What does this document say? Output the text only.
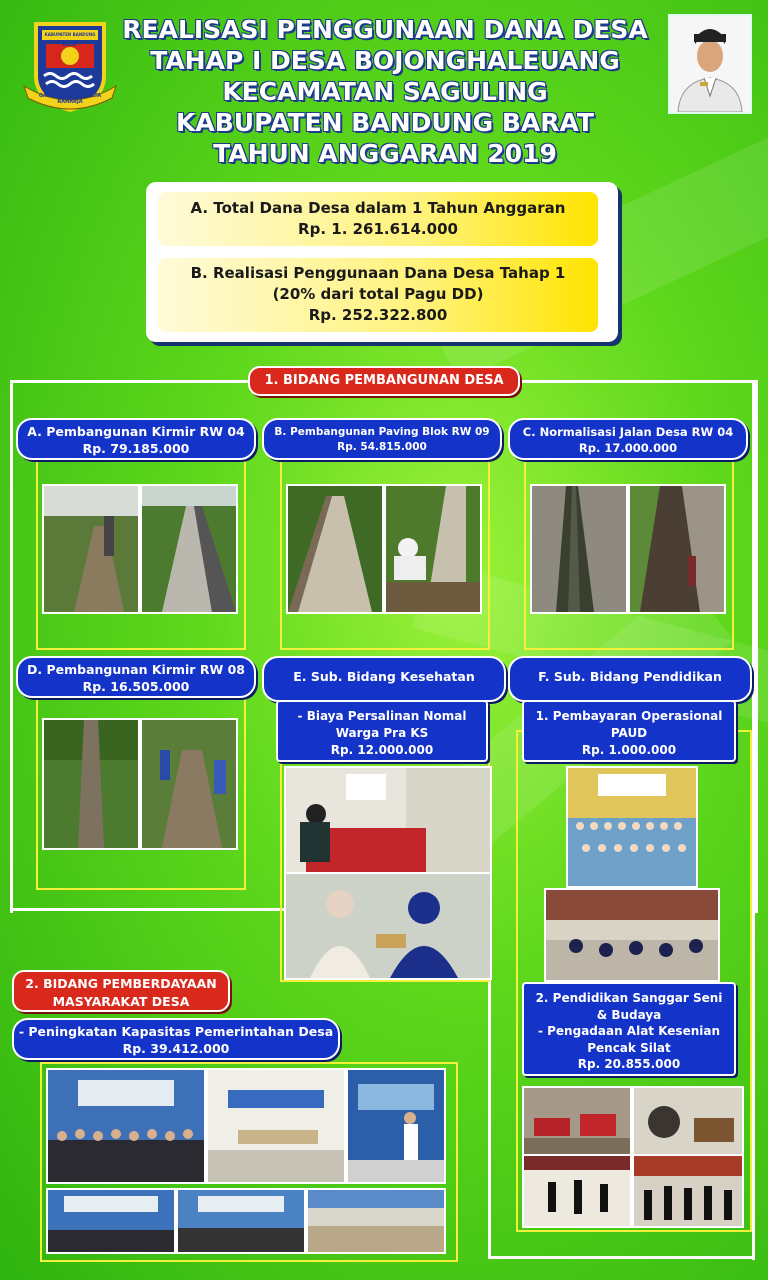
KABUPATEN BANDUNG BARAT
GAWIRA MUKTI KERTA RAHARJA
REALISASI PENGGUNAAN DANA DESA
TAHAP I DESA BOJONGHALEUANG
KECAMATAN SAGULING
KABUPATEN BANDUNG BARAT
TAHUN ANGGARAN 2019
A. Total Dana Desa dalam 1 Tahun Anggaran
Rp. 1. 261.614.000
B. Realisasi Penggunaan Dana Desa Tahap 1
(20% dari total Pagu DD)
Rp. 252.322.800
1. BIDANG PEMBANGUNAN DESA
A. Pembangunan Kirmir RW 04
Rp. 79.185.000
B. Pembangunan Paving Blok RW 09
Rp. 54.815.000
C. Normalisasi Jalan Desa RW 04
Rp. 17.000.000
D. Pembangunan Kirmir RW 08
Rp. 16.505.000
E. Sub. Bidang Kesehatan	F. Sub. Bidang Pendidikan
- Biaya Persalinan Nomal
Warga Pra KS
Rp. 12.000.000
1. Pembayaran Operasional
PAUD
Rp. 1.000.000
2. Pendidikan Sanggar Seni
& Budaya
- Pengadaan Alat Kesenian
Pencak Silat
Rp. 20.855.000
2. BIDANG PEMBERDAYAAN
MASYARAKAT DESA
- Peningkatan Kapasitas Pemerintahan Desa
Rp. 39.412.000
